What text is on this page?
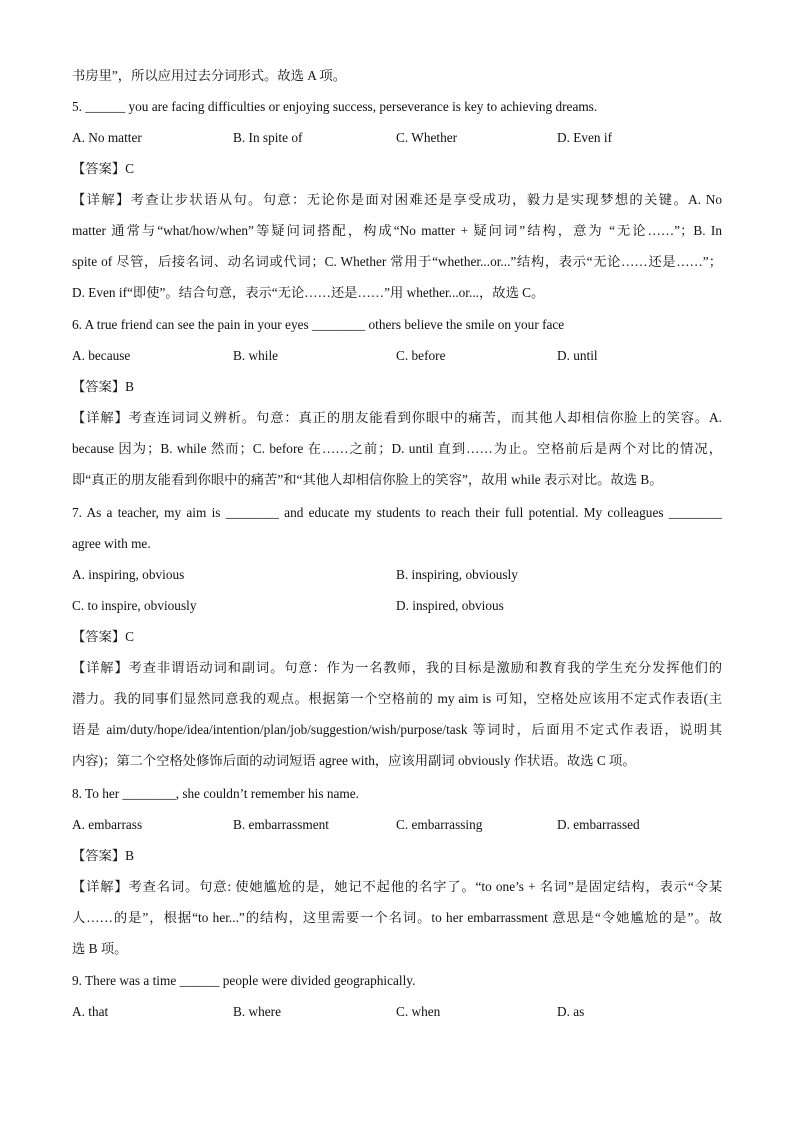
书房里”，所以应用过去分词形式。故选 A 项。
5. ______ you are facing difficulties or enjoying success, perseverance is key to achieving dreams.
A. No matter	B. In spite of	C. Whether	D. Even if
【答案】C
【详解】考查让步状语从句。句意：无论你是面对困难还是享受成功，毅力是实现梦想的关键。A. No
matter 通常与“what/how/when”等疑问词搭配，构成“No matter + 疑问词”结构，意为 “无论……”；B. In
spite of 尽管，后接名词、动名词或代词；C. Whether 常用于“whether...or...”结构，表示“无论……还是……”；
D. Even if“即使”。结合句意，表示“无论……还是……”用 whether...or...，故选 C。
6. A true friend can see the pain in your eyes ________ others believe the smile on your face
A. because	B. while	C. before	D. until
【答案】B
【详解】考查连词词义辨析。句意：真正的朋友能看到你眼中的痛苦，而其他人却相信你脸上的笑容。A.
because 因为；B. while 然而；C. before 在……之前；D. until 直到……为止。空格前后是两个对比的情况，
即“真正的朋友能看到你眼中的痛苦”和“其他人却相信你脸上的笑容”，故用 while 表示对比。故选 B。
7. As a teacher, my aim is ________ and educate my students to reach their full potential. My colleagues ________
agree with me.
A. inspiring, obvious	B. inspiring, obviously
C. to inspire, obviously	D. inspired, obvious
【答案】C
【详解】考查非谓语动词和副词。句意：作为一名教师，我的目标是激励和教育我的学生充分发挥他们的
潜力。我的同事们显然同意我的观点。根据第一个空格前的 my aim is 可知，空格处应该用不定式作表语(主
语是 aim/duty/hope/idea/intention/plan/job/suggestion/wish/purpose/task 等词时，后面用不定式作表语，说明其
内容)；第二个空格处修饰后面的动词短语 agree with，应该用副词 obviously 作状语。故选 C 项。
8. To her ________, she couldn’t remember his name.
A. embarrass	B. embarrassment	C. embarrassing	D. embarrassed
【答案】B
【详解】考查名词。句意: 使她尴尬的是，她记不起他的名字了。“to one’s + 名词”是固定结构，表示“令某
人……的是”，根据“to her...”的结构，这里需要一个名词。to her embarrassment 意思是“令她尴尬的是”。故
选 B 项。
9. There was a time ______ people were divided geographically.
A. that	B. where	C. when	D. as
